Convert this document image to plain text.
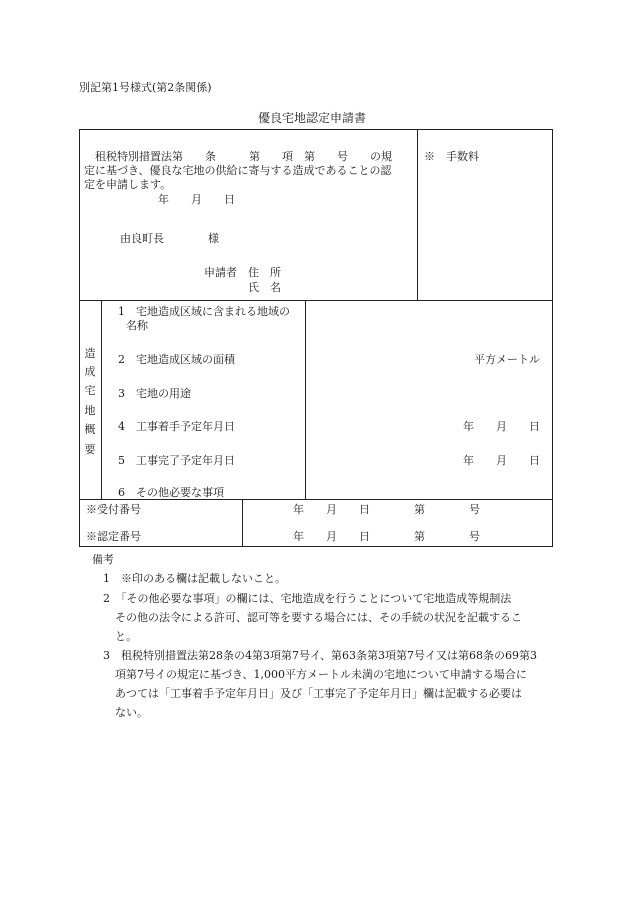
別記第1号様式(第2条関係)
優良宅地認定申請書
租税特別措置法第　　条　　　第　　項　第　　号　　の規
定に基づき、優良な宅地の供給に寄与する造成であることの認
定を申請します。
年　　月　　日
由良町長　　　　様
申請者 住　所
氏　名
※　手数料
造
成
宅
地
概
要
1　宅地造成区域に含まれる地域の
名称
2　宅地造成区域の面積	平方メートル
3　宅地の用途
4　工事着手予定年月日	年　　月　　日
5　工事完了予定年月日	年　　月　　日
6　その他必要な事項
※受付番号	年　　月　　日　　　　第　　　　号
※認定番号	年　　月　　日　　　　第　　　　号
備考
1　※印のある欄は記載しないこと。
2　「その他必要な事項」の欄には、宅地造成を行うことについて宅地造成等規制法
その他の法令による許可、認可等を要する場合には、その手続の状況を記載するこ
と。
3　租税特別措置法第28条の4第3項第7号イ、第63条第3項第7号イ又は第68条の69第3
項第7号イの規定に基づき、1,000平方メートル未満の宅地について申請する場合に
あつては「工事着手予定年月日」及び「工事完了予定年月日」欄は記載する必要は
ない。
